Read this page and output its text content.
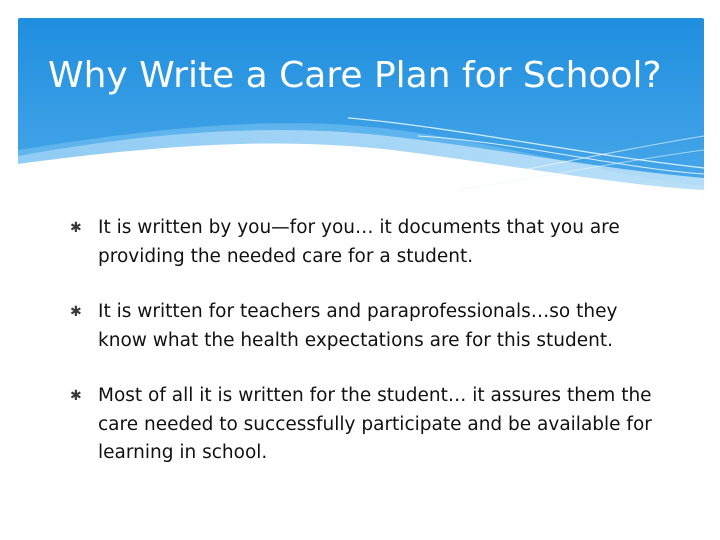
Why Write a Care Plan for School?
✱ It is written by you—for you… it documents that you are providing the needed care for a student.
✱ It is written for teachers and paraprofessionals…so they know what the health expectations are for this student.
✱ Most of all it is written for the student… it assures them the care needed to successfully participate and be available for learning in school.
